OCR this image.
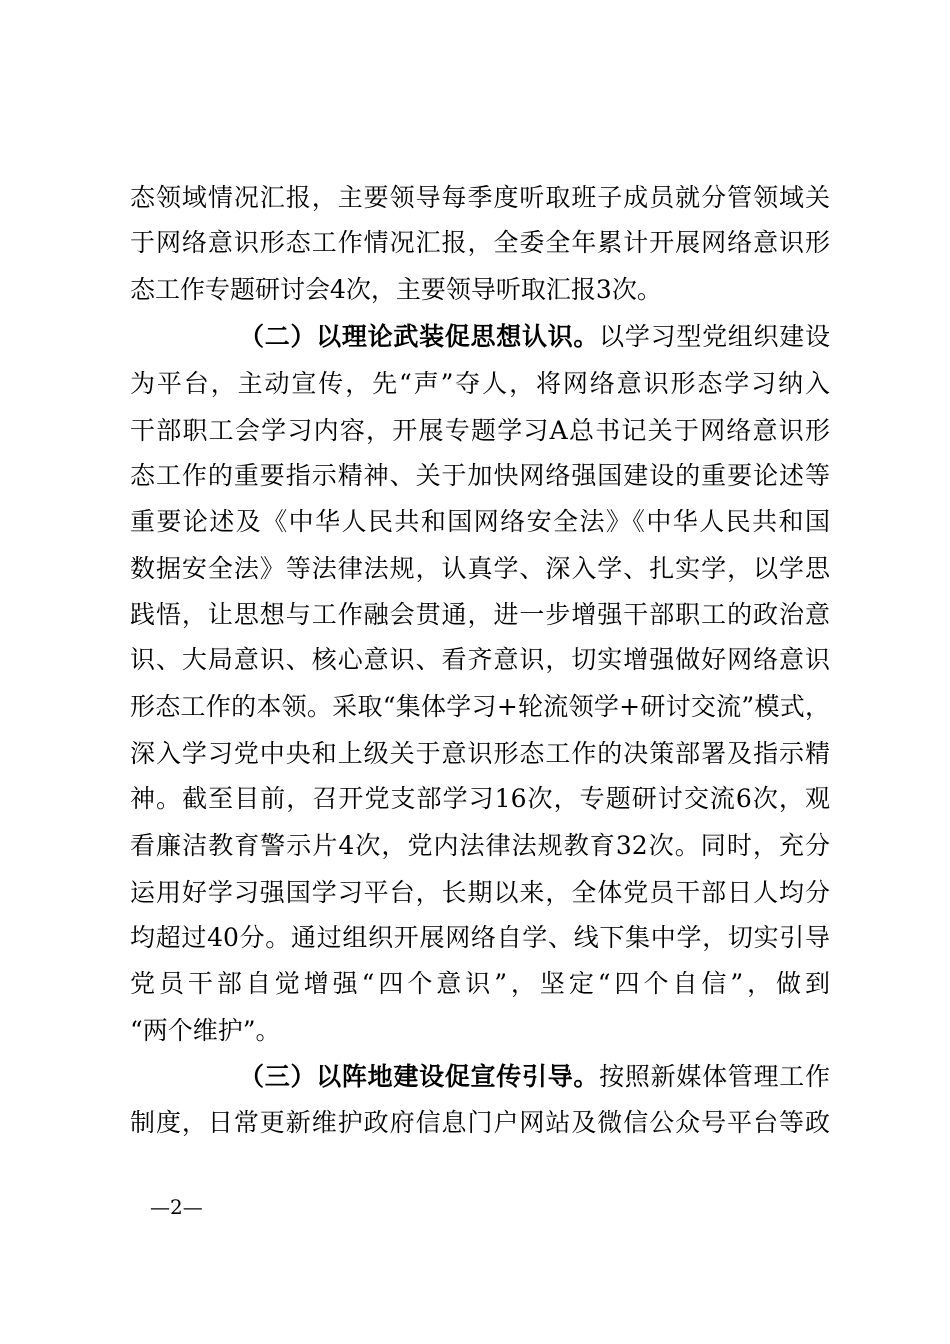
态领域情况汇报，主要领导每季度听取班子成员就分管领域关
于网络意识形态工作情况汇报，全委全年累计开展网络意识形
态工作专题研讨会4次，主要领导听取汇报3次。
（二）以理论武装促思想认识。以学习型党组织建设
为平台，主动宣传，先“声”夺人，将网络意识形态学习纳入
干部职工会学习内容，开展专题学习A总书记关于网络意识形
态工作的重要指示精神、关于加快网络强国建设的重要论述等
重要论述及《中华人民共和国网络安全法》《中华人民共和国
数据安全法》等法律法规，认真学、深入学、扎实学，以学思
践悟，让思想与工作融会贯通，进一步增强干部职工的政治意
识、大局意识、核心意识、看齐意识，切实增强做好网络意识
形态工作的本领。采取“集体学习+轮流领学+研讨交流”模式，
深入学习党中央和上级关于意识形态工作的决策部署及指示精
神。截至目前，召开党支部学习16次，专题研讨交流6次，观
看廉洁教育警示片4次，党内法律法规教育32次。同时，充分
运用好学习强国学习平台，长期以来，全体党员干部日人均分
均超过40分。通过组织开展网络自学、线下集中学，切实引导
党员干部自觉增强“四个意识”，坚定“四个自信”，做到
“两个维护”。
（三）以阵地建设促宣传引导。按照新媒体管理工作
制度，日常更新维护政府信息门户网站及微信公众号平台等政
—2—
